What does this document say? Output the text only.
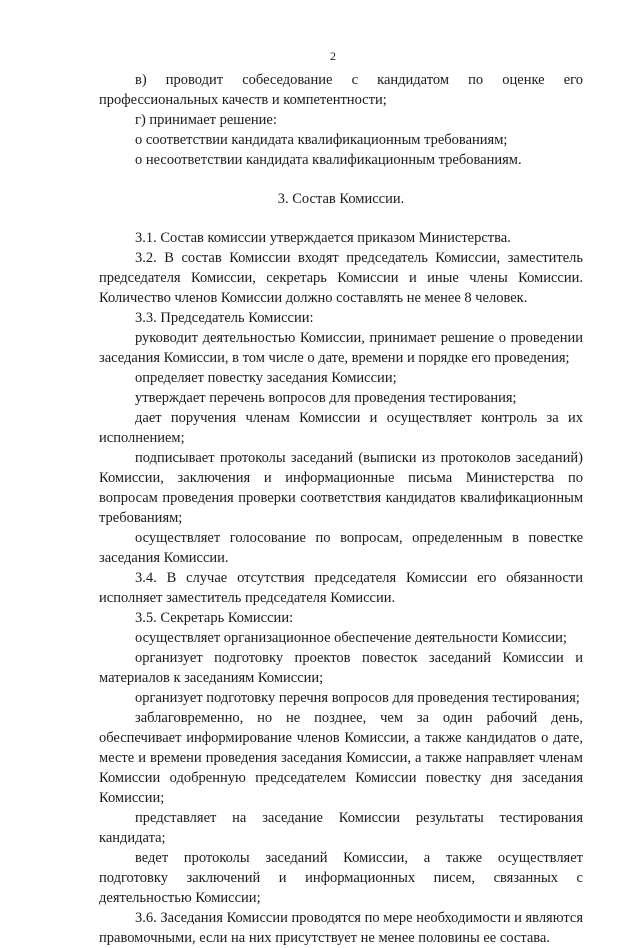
2

в) проводит собеседование с кандидатом по оценке его профессиональных качеств и компетентности;

г) принимает решение:

о соответствии кандидата квалификационным требованиям;

о несоответствии кандидата квалификационным требованиям.

3. Состав Комиссии.

3.1. Состав комиссии утверждается приказом Министерства.

3.2. В состав Комиссии входят председатель Комиссии, заместитель председателя Комиссии, секретарь Комиссии и иные члены Комиссии. Количество членов Комиссии должно составлять не менее 8 человек.

3.3. Председатель Комиссии:

руководит деятельностью Комиссии, принимает решение о проведении заседания Комиссии, в том числе о дате, времени и порядке его проведения;

определяет повестку заседания Комиссии;

утверждает перечень вопросов для проведения тестирования;

дает поручения членам Комиссии и осуществляет контроль за их исполнением;

подписывает протоколы заседаний (выписки из протоколов заседаний) Комиссии, заключения и информационные письма Министерства по вопросам проведения проверки соответствия кандидатов квалификационным требованиям;

осуществляет голосование по вопросам, определенным в повестке заседания Комиссии.

3.4. В случае отсутствия председателя Комиссии его обязанности исполняет заместитель председателя Комиссии.

3.5. Секретарь Комиссии:

осуществляет организационное обеспечение деятельности Комиссии;

организует подготовку проектов повесток заседаний Комиссии и материалов к заседаниям Комиссии;

организует подготовку перечня вопросов для проведения тестирования;

заблаговременно, но не позднее, чем за один рабочий день, обеспечивает информирование членов Комиссии, а также кандидатов о дате, месте и времени проведения заседания Комиссии, а также направляет членам Комиссии одобренную председателем Комиссии повестку дня заседания Комиссии;

представляет на заседание Комиссии результаты тестирования кандидата;

ведет протоколы заседаний Комиссии, а также осуществляет подготовку заключений и информационных писем, связанных с деятельностью Комиссии;

3.6. Заседания Комиссии проводятся по мере необходимости и являются правомочными, если на них присутствует не менее половины ее состава.
